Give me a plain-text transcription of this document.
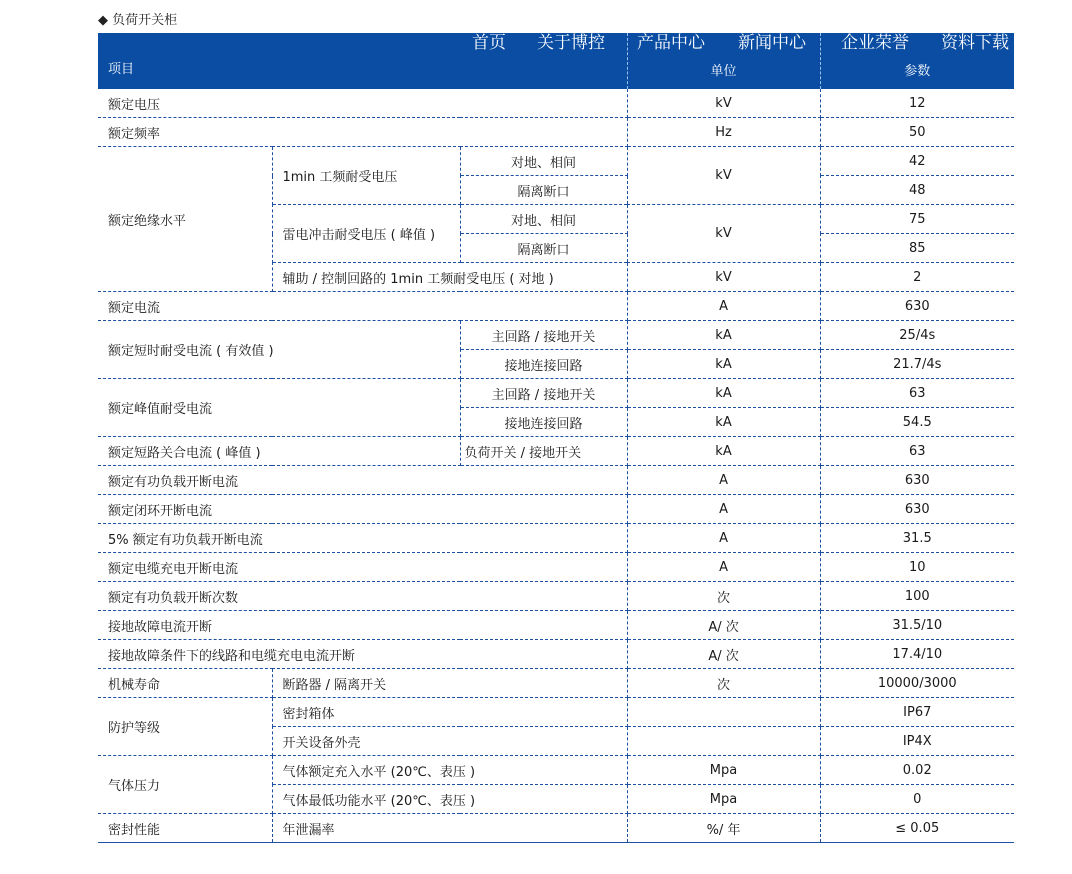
◆ 负荷开关柜
项目			单位	参数
额定电压			kV	12
额定频率			Hz	50
额定绝缘水平	1min 工频耐受电压	对地、相间	kV	42
		隔离断口		48
	雷电冲击耐受电压 ( 峰值 )	对地、相间	kV	75
		隔离断口		85
	辅助 / 控制回路的 1min 工频耐受电压 ( 对地 )		kV	2
额定电流			A	630
额定短时耐受电流 ( 有效值 )		主回路 / 接地开关	kA	25/4s
		接地连接回路	kA	21.7/4s
额定峰值耐受电流		主回路 / 接地开关	kA	63
		接地连接回路	kA	54.5
额定短路关合电流 ( 峰值 )		负荷开关 / 接地开关	kA	63
额定有功负载开断电流			A	630
额定闭环开断电流			A	630
5% 额定有功负载开断电流			A	31.5
额定电缆充电开断电流			A	10
额定有功负载开断次数			次	100
接地故障电流开断			A/ 次	31.5/10
接地故障条件下的线路和电缆充电电流开断			A/ 次	17.4/10
机械寿命	断路器 / 隔离开关		次	10000/3000
防护等级	密封箱体			IP67
	开关设备外壳			IP4X
气体压力	气体额定充入水平 (20℃、表压 )		Mpa	0.02
	气体最低功能水平 (20℃、表压 )		Mpa	0
密封性能	年泄漏率		%/ 年	≤ 0.05
首页 关于博控 产品中心 新闻中心 企业荣誉 资料下载
